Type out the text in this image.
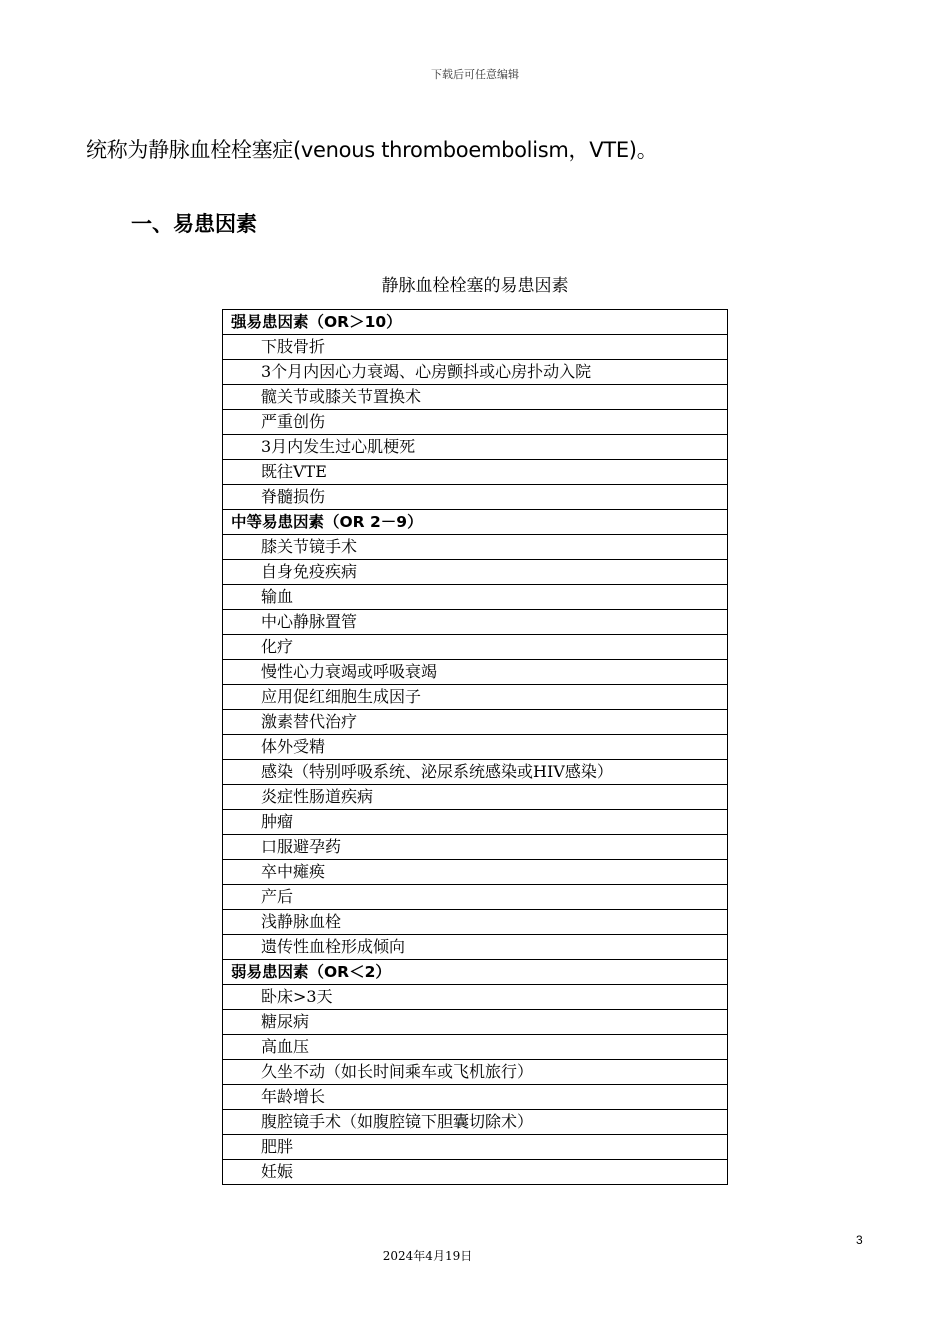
下载后可任意编辑
统称为静脉血栓栓塞症(venous thromboembolism，VTE)。
一、易患因素
静脉血栓栓塞的易患因素
强易患因素（OR＞10）
下肢骨折
3个月内因心力衰竭、心房颤抖或心房扑动入院
髋关节或膝关节置换术
严重创伤
3月内发生过心肌梗死
既往VTE
脊髓损伤
中等易患因素（OR 2－9）
膝关节镜手术
自身免疫疾病
输血
中心静脉置管
化疗
慢性心力衰竭或呼吸衰竭
应用促红细胞生成因子
激素替代治疗
体外受精
感染（特别呼吸系统、泌尿系统感染或HIV感染）
炎症性肠道疾病
肿瘤
口服避孕药
卒中瘫痪
产后
浅静脉血栓
遗传性血栓形成倾向
弱易患因素（OR＜2）
卧床>3天
糖尿病
高血压
久坐不动（如长时间乘车或飞机旅行）
年龄增长
腹腔镜手术（如腹腔镜下胆囊切除术）
肥胖
妊娠
3
2024年4月19日
